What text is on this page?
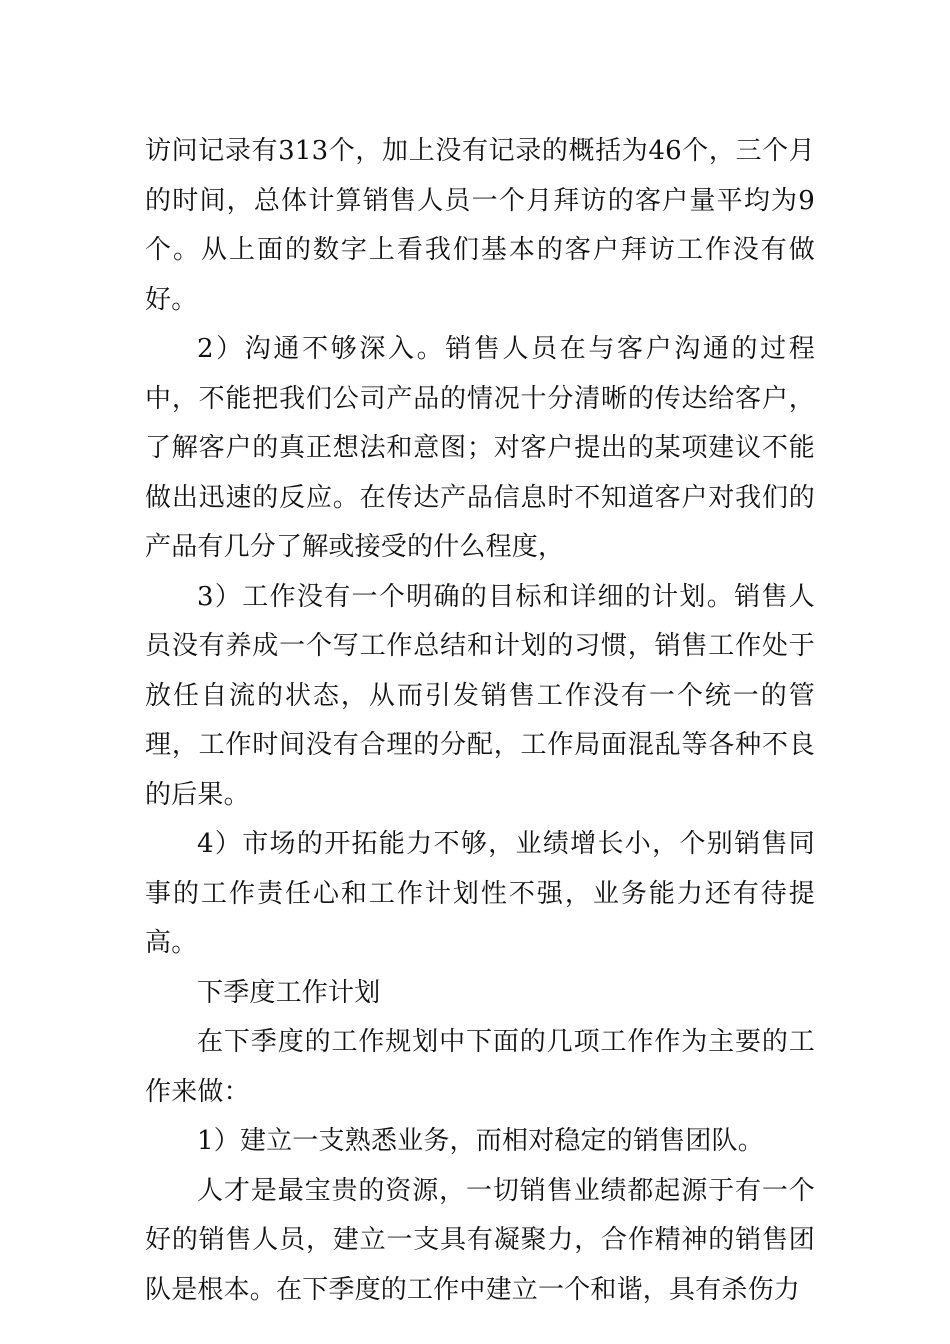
访问记录有313个，加上没有记录的概括为46个，三个月的时间，总体计算销售人员一个月拜访的客户量平均为9个。从上面的数字上看我们基本的客户拜访工作没有做好。

2）沟通不够深入。销售人员在与客户沟通的过程中，不能把我们公司产品的情况十分清晰的传达给客户，了解客户的真正想法和意图；对客户提出的某项建议不能做出迅速的反应。在传达产品信息时不知道客户对我们的产品有几分了解或接受的什么程度，

3）工作没有一个明确的目标和详细的计划。销售人员没有养成一个写工作总结和计划的习惯，销售工作处于放任自流的状态，从而引发销售工作没有一个统一的管理，工作时间没有合理的分配，工作局面混乱等各种不良的后果。

4）市场的开拓能力不够，业绩增长小，个别销售同事的工作责任心和工作计划性不强，业务能力还有待提高。

下季度工作计划

在下季度的工作规划中下面的几项工作作为主要的工作来做：

1）建立一支熟悉业务，而相对稳定的销售团队。

人才是最宝贵的资源，一切销售业绩都起源于有一个好的销售人员，建立一支具有凝聚力，合作精神的销售团队是根本。在下季度的工作中建立一个和谐，具有杀伤力
